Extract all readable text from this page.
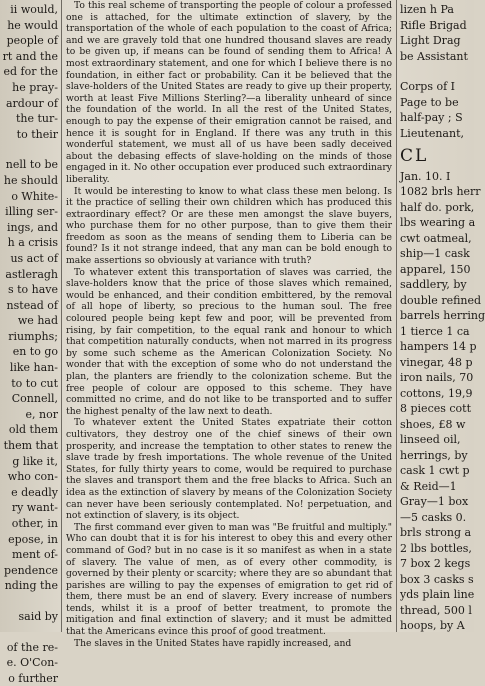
ii would,
he would
people of
rt and the
ed for the
he pray-
ardour of
the tur-
to their
nell to be
he should
o White-
illing ser-
ings, and
h a crisis
us act of
astleragh
s to have
nstead of
we had
riumphs;
en to go
like han-
to to cut
Connell,
e, nor
old them
them that
g like it,
who con-
e deadly
ry want-
other, in
epose, in
ment of-
pendence
nding the
said by
of the re-
e. O'Con-
o further

To this real scheme of transporting the people of colour a professed one is attached, for the ultimate extinction of slavery, by the transportation of the whole of each population to the coast of Africa; and we are gravely told that one hundred thousand slaves are ready to be given up, if means can be found of sending them to Africa! A most extraordinary statement, and one for which I believe there is no foundation, in either fact or probability. Can it be believed that the slave-holders of the United States are ready to give up their property, worth at least Five Millions Sterling?—a liberality unheard of since the foundation of the world. In all the rest of the United States, enough to pay the expense of their emigration cannot be raised, and hence it is sought for in England. If there was any truth in this wonderful statement, we must all of us have been sadly deceived about the debasing effects of slave-holding on the minds of those engaged in it. No other occupation ever produced such extraordinary liberality.

It would be interesting to know to what class these men belong. Is it the practice of selling their own children which has produced this extraordinary effect? Or are these men amongst the slave buyers, who purchase them for no other purpose, than to give them their freedom as soon as the means of sending them to Liberia can be found? Is it not strange indeed, that any man can be bold enough to make assertions so obviously at variance with truth?

To whatever extent this transportation of slaves was carried, the slave-holders know that the price of those slaves which remained, would be enhanced, and their condition embittered, by the removal of all hope of liberty, so precious to the human soul. The free coloured people being kept few and poor, will be prevented from rising, by fair competition, to the equal rank and honour to which that competition naturally conducts, when not marred in its progress by some such scheme as the American Colonization Society. No wonder that with the exception of some who do not understand the plan, the planters are friendly to the colonization scheme. But the free people of colour are opposed to this scheme. They have committed no crime, and do not like to be transported and to suffer the highest penalty of the law next to death.

To whatever extent the United States expatriate their cotton cultivators, they destroy one of the chief sinews of their own prosperity, and increase the temptation to other states to renew the slave trade by fresh importations. The whole revenue of the United States, for fully thirty years to come, would be required to purchase the slaves and transport them and the free blacks to Africa. Such an idea as the extinction of slavery by means of the Colonization Society can never have been seriously contemplated. No! perpetuation, and not extinction of slavery, is its object.

The first command ever given to man was "Be fruitful and multiply." Who can doubt that it is for his interest to obey this and every other command of God? but in no case is it so manifest as when in a state of slavery. The value of men, as of every other commodity, is governed by their plenty or scarcity; where they are so abundant that parishes are willing to pay the expenses of emigration to get rid of them, there must be an end of slavery. Every increase of numbers tends, whilst it is a proof of better treatment, to promote the mitigation and final extinction of slavery; and it must be admitted that the Americans evince this proof of good treatment.

The slaves in the United States have rapidly increased, and

lizen h Pa
Rifle Brigad
Light Drag
be Assistant
Corps of I
Page to be
half-pay ; S
Lieutenant,
CL
Jan. 10. I
1082 brls herr
half do. pork,
lbs wearing a
cwt oatmeal,
ship—1 cask
apparel, 150
saddlery, by
double refined
barrels herring
1 tierce 1 ca
hampers 14 p
vinegar, 48 p
iron nails, 70
cottons, 19,9
8 pieces cott
shoes, £8 w
linseed oil,
herrings, by
cask 1 cwt p
& Reid—1
Gray—1 box
—5 casks 0.
brls strong a
2 lbs bottles,
7 box 2 kegs
box 3 casks s
yds plain line
thread, 500 l
hoops, by A
